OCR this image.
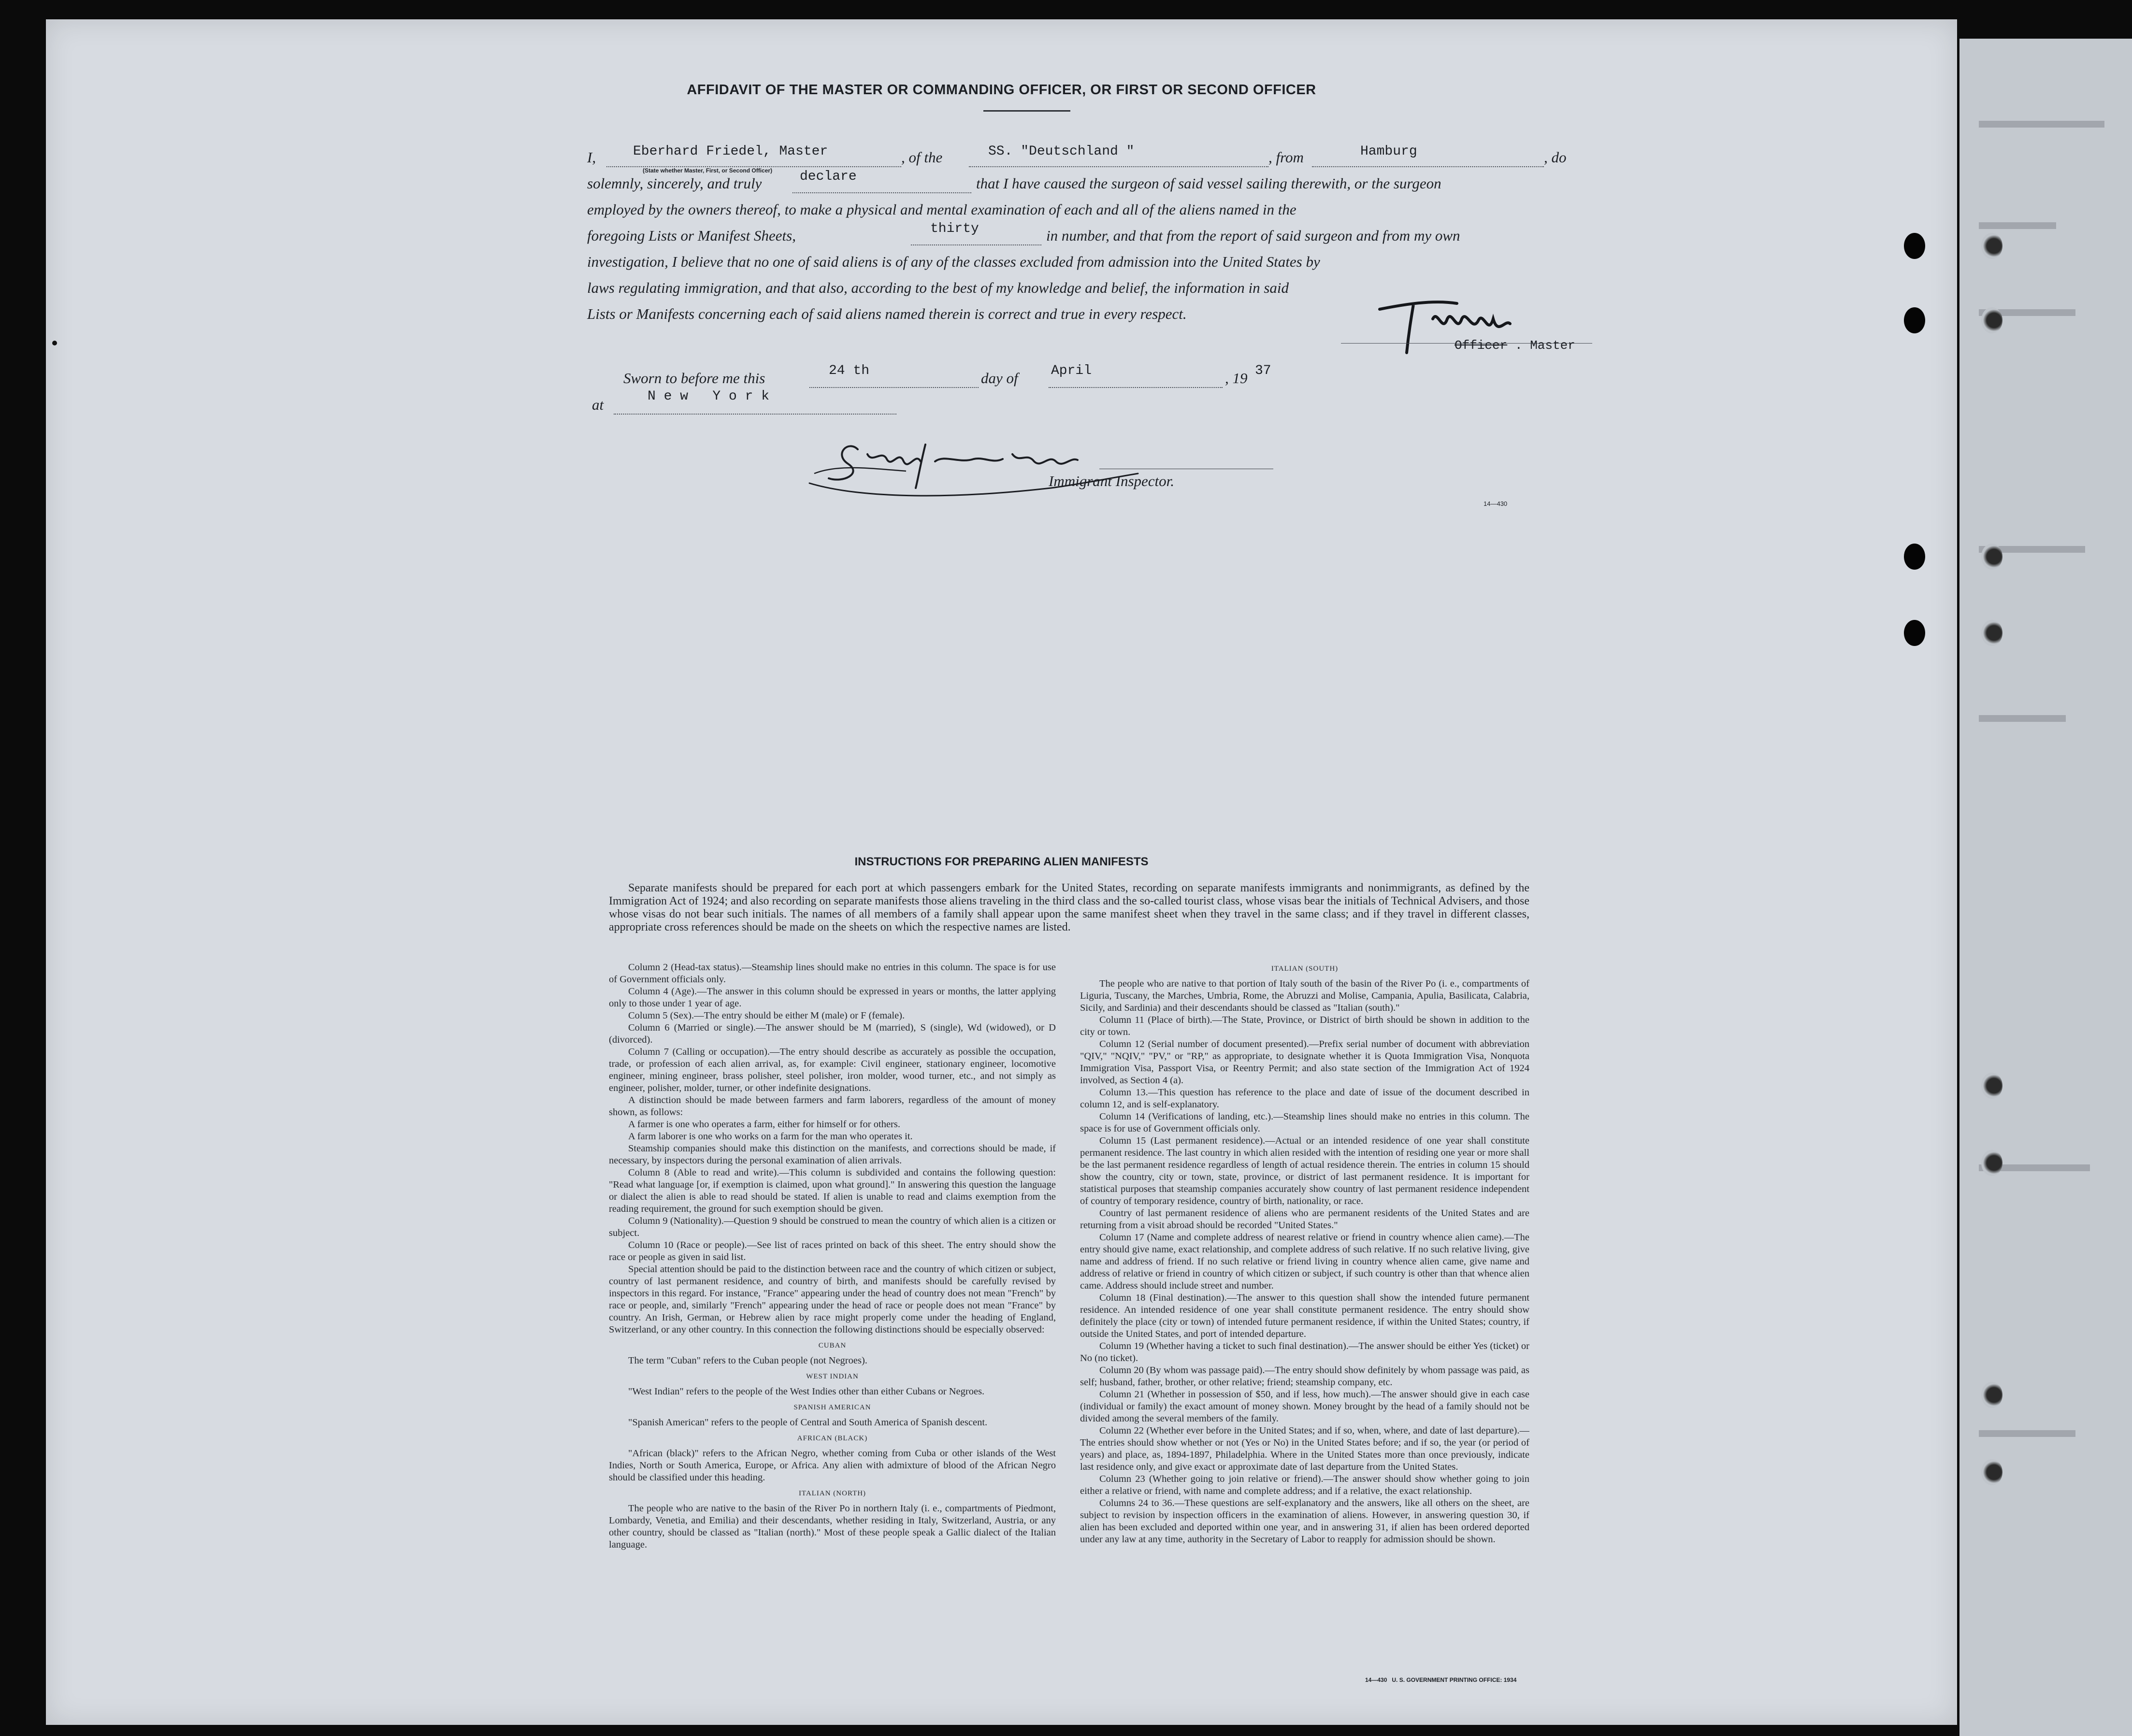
AFFIDAVIT OF THE MASTER OR COMMANDING OFFICER, OR FIRST OR SECOND OFFICER
I,	Eberhard Friedel, Master	, of the	SS. "Deutschland "	, from	Hamburg	, do
(State whether Master, First, or Second Officer)
solemnly, sincerely, and truly	declare	that I have caused the surgeon of said vessel sailing therewith, or the surgeon
employed by the owners thereof, to make a physical and mental examination of each and all of the aliens named in the
foregoing Lists or Manifest Sheets,	thirty	in number, and that from the report of said surgeon and from my own
investigation, I believe that no one of said aliens is of any of the classes excluded from admission into the United States by
laws regulating immigration, and that also, according to the best of my knowledge and belief, the information in said
Lists or Manifests concerning each of said aliens named therein is correct and true in every respect.
Officer . Master
Sworn to before me this	24 th	day of April	, 19 37
at	N e w   Y o r k
Immigrant Inspector.
14—430
INSTRUCTIONS FOR PREPARING ALIEN MANIFESTS

Separate manifests should be prepared for each port at which passengers embark for the United States, recording on separate manifests immigrants and nonimmigrants, as defined by the Immigration Act of 1924; and also recording on separate manifests those aliens traveling in the third class and the so-called tourist class, whose visas bear the initials of Technical Advisers, and those whose visas do not bear such initials. The names of all members of a family shall appear upon the same manifest sheet when they travel in the same class; and if they travel in different classes, appropriate cross references should be made on the sheets on which the respective names are listed.

Column 2 (Head-tax status).—Steamship lines should make no entries in this column. The space is for use of Government officials only.

Column 4 (Age).—The answer in this column should be expressed in years or months, the latter applying only to those under 1 year of age.

Column 5 (Sex).—The entry should be either M (male) or F (female).

Column 6 (Married or single).—The answer should be M (married), S (single), Wd (widowed), or D (divorced).

Column 7 (Calling or occupation).—The entry should describe as accurately as possible the occupation, trade, or profession of each alien arrival, as, for example: Civil engineer, stationary engineer, locomotive engineer, mining engineer, brass polisher, steel polisher, iron molder, wood turner, etc., and not simply as engineer, polisher, molder, turner, or other indefinite designations.

A distinction should be made between farmers and farm laborers, regardless of the amount of money shown, as follows:

A farmer is one who operates a farm, either for himself or for others.

A farm laborer is one who works on a farm for the man who operates it.

Steamship companies should make this distinction on the manifests, and corrections should be made, if necessary, by inspectors during the personal examination of alien arrivals.

Column 8 (Able to read and write).—This column is subdivided and contains the following question: "Read what language [or, if exemption is claimed, upon what ground]." In answering this question the language or dialect the alien is able to read should be stated. If alien is unable to read and claims exemption from the reading requirement, the ground for such exemption should be given.

Column 9 (Nationality).—Question 9 should be construed to mean the country of which alien is a citizen or subject.

Column 10 (Race or people).—See list of races printed on back of this sheet. The entry should show the race or people as given in said list.

Special attention should be paid to the distinction between race and the country of which citizen or subject, country of last permanent residence, and country of birth, and manifests should be carefully revised by inspectors in this regard. For instance, "France" appearing under the head of country does not mean "French" by race or people, and, similarly "French" appearing under the head of race or people does not mean "France" by country. An Irish, German, or Hebrew alien by race might properly come under the heading of England, Switzerland, or any other country. In this connection the following distinctions should be especially observed:

CUBAN

The term "Cuban" refers to the Cuban people (not Negroes).

WEST INDIAN

"West Indian" refers to the people of the West Indies other than either Cubans or Negroes.

SPANISH AMERICAN

"Spanish American" refers to the people of Central and South America of Spanish descent.

AFRICAN (BLACK)

"African (black)" refers to the African Negro, whether coming from Cuba or other islands of the West Indies, North or South America, Europe, or Africa. Any alien with admixture of blood of the African Negro should be classified under this heading.

ITALIAN (NORTH)

The people who are native to the basin of the River Po in northern Italy (i. e., compartments of Piedmont, Lombardy, Venetia, and Emilia) and their descendants, whether residing in Italy, Switzerland, Austria, or any other country, should be classed as "Italian (north)." Most of these people speak a Gallic dialect of the Italian language.

ITALIAN (SOUTH)

The people who are native to that portion of Italy south of the basin of the River Po (i. e., compartments of Liguria, Tuscany, the Marches, Umbria, Rome, the Abruzzi and Molise, Campania, Apulia, Basilicata, Calabria, Sicily, and Sardinia) and their descendants should be classed as "Italian (south)."

Column 11 (Place of birth).—The State, Province, or District of birth should be shown in addition to the city or town.

Column 12 (Serial number of document presented).—Prefix serial number of document with abbreviation "QIV," "NQIV," "PV," or "RP," as appropriate, to designate whether it is Quota Immigration Visa, Nonquota Immigration Visa, Passport Visa, or Reentry Permit; and also state section of the Immigration Act of 1924 involved, as Section 4 (a).

Column 13.—This question has reference to the place and date of issue of the document described in column 12, and is self-explanatory.

Column 14 (Verifications of landing, etc.).—Steamship lines should make no entries in this column. The space is for use of Government officials only.

Column 15 (Last permanent residence).—Actual or an intended residence of one year shall constitute permanent residence. The last country in which alien resided with the intention of residing one year or more shall be the last permanent residence regardless of length of actual residence therein. The entries in column 15 should show the country, city or town, state, province, or district of last permanent residence. It is important for statistical purposes that steamship companies accurately show country of last permanent residence independent of country of temporary residence, country of birth, nationality, or race.

Country of last permanent residence of aliens who are permanent residents of the United States and are returning from a visit abroad should be recorded "United States."

Column 17 (Name and complete address of nearest relative or friend in country whence alien came).—The entry should give name, exact relationship, and complete address of such relative. If no such relative living, give name and address of friend. If no such relative or friend living in country whence alien came, give name and address of relative or friend in country of which citizen or subject, if such country is other than that whence alien came. Address should include street and number.

Column 18 (Final destination).—The answer to this question shall show the intended future permanent residence. An intended residence of one year shall constitute permanent residence. The entry should show definitely the place (city or town) of intended future permanent residence, if within the United States; country, if outside the United States, and port of intended departure.

Column 19 (Whether having a ticket to such final destination).—The answer should be either Yes (ticket) or No (no ticket).

Column 20 (By whom was passage paid).—The entry should show definitely by whom passage was paid, as self; husband, father, brother, or other relative; friend; steamship company, etc.

Column 21 (Whether in possession of $50, and if less, how much).—The answer should give in each case (individual or family) the exact amount of money shown. Money brought by the head of a family should not be divided among the several members of the family.

Column 22 (Whether ever before in the United States; and if so, when, where, and date of last departure).—The entries should show whether or not (Yes or No) in the United States before; and if so, the year (or period of years) and place, as, 1894-1897, Philadelphia. Where in the United States more than once previously, indicate last residence only, and give exact or approximate date of last departure from the United States.

Column 23 (Whether going to join relative or friend).—The answer should show whether going to join either a relative or friend, with name and complete address; and if a relative, the exact relationship.

Columns 24 to 36.—These questions are self-explanatory and the answers, like all others on the sheet, are subject to revision by inspection officers in the examination of aliens. However, in answering question 30, if alien has been excluded and deported within one year, and in answering 31, if alien has been ordered deported under any law at any time, authority in the Secretary of Labor to reapply for admission should be shown.

14—430   U. S. GOVERNMENT PRINTING OFFICE: 1934
